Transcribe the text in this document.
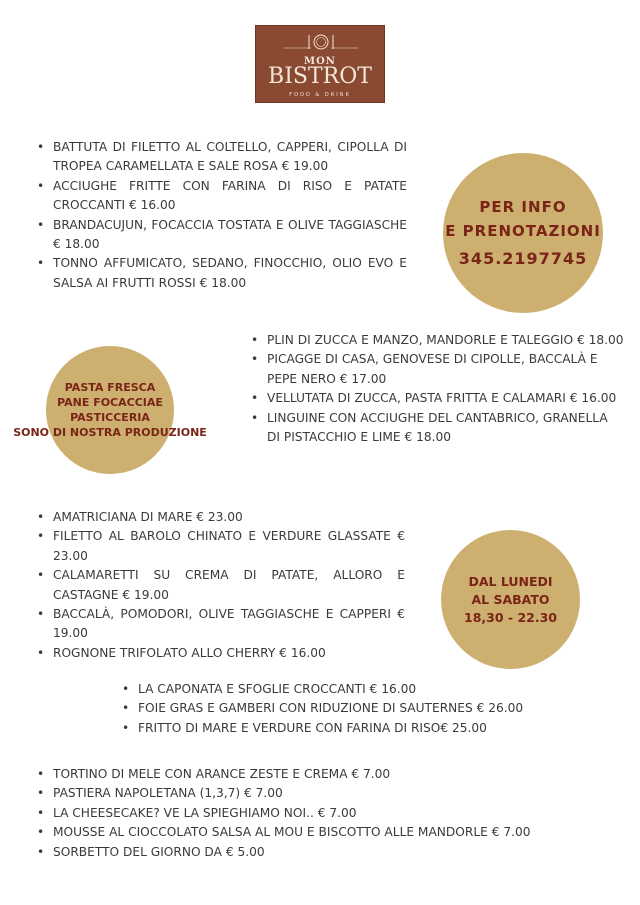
MON
BISTROT
FOOD & DRINK
• BATTUTA DI FILETTO AL COLTELLO, CAPPERI, CIPOLLA DI TROPEA CARAMELLATA E SALE ROSA € 19.00
• ACCIUGHE FRITTE CON FARINA DI RISO E PATATE CROCCANTI € 16.00
• BRANDACUJUN, FOCACCIA TOSTATA E OLIVE TAGGIASCHE € 18.00
• TONNO AFFUMICATO, SEDANO, FINOCCHIO, OLIO EVO E SALSA AI FRUTTI ROSSI € 18.00
PER INFO
E PRENOTAZIONI
345.2197745
PASTA FRESCA
PANE FOCACCIAE
PASTICCERIA
SONO DI NOSTRA PRODUZIONE
• PLIN DI ZUCCA E MANZO, MANDORLE E TALEGGIO € 18.00
• PICAGGE DI CASA, GENOVESE DI CIPOLLE, BACCALÀ E PEPE NERO € 17.00
• VELLUTATA DI ZUCCA, PASTA FRITTA E CALAMARI € 16.00
• LINGUINE CON ACCIUGHE DEL CANTABRICO, GRANELLA DI PISTACCHIO E LIME € 18.00
• AMATRICIANA DI MARE € 23.00
• FILETTO AL BAROLO CHINATO E VERDURE GLASSATE € 23.00
• CALAMARETTI SU CREMA DI PATATE, ALLORO E CASTAGNE € 19.00
• BACCALÀ, POMODORI, OLIVE TAGGIASCHE E CAPPERI € 19.00
• ROGNONE TRIFOLATO ALLO CHERRY € 16.00
DAL LUNEDI
AL SABATO
18,30 - 22.30
• LA CAPONATA E SFOGLIE CROCCANTI € 16.00
• FOIE GRAS E GAMBERI CON RIDUZIONE DI SAUTERNES € 26.00
• FRITTO DI MARE E VERDURE CON FARINA DI RISO€ 25.00
• TORTINO DI MELE CON ARANCE ZESTE E CREMA € 7.00
• PASTIERA NAPOLETANA (1,3,7) € 7.00
• LA CHEESECAKE? VE LA SPIEGHIAMO NOI.. € 7.00
• MOUSSE AL CIOCCOLATO SALSA AL MOU E BISCOTTO ALLE MANDORLE € 7.00
• SORBETTO DEL GIORNO DA € 5.00
